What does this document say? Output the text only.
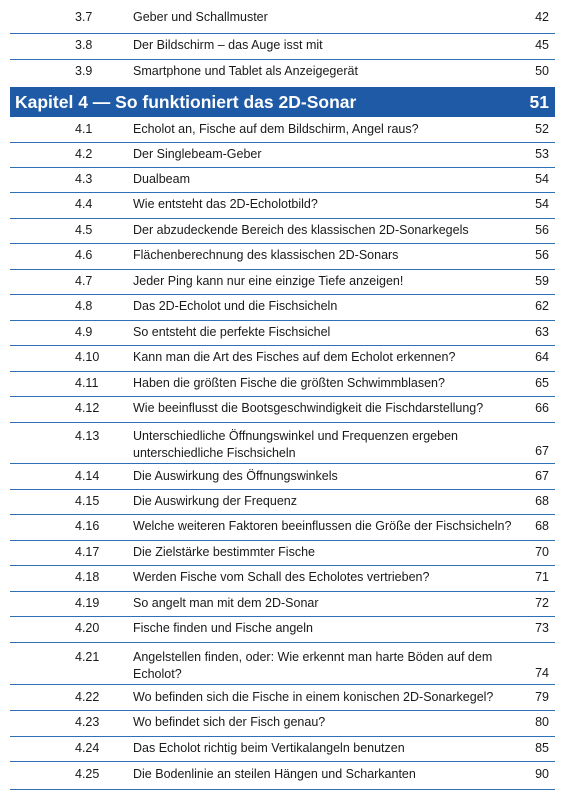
3.7	Geber und Schallmuster	42
3.8	Der Bildschirm – das Auge isst mit	45
3.9	Smartphone und Tablet als Anzeigegerät	50
Kapitel 4 — So funktioniert das 2D-Sonar	51
4.1	Echolot an, Fische auf dem Bildschirm, Angel raus?	52
4.2	Der Singlebeam-Geber	53
4.3	Dualbeam	54
4.4	Wie entsteht das 2D-Echolotbild?	54
4.5	Der abzudeckende Bereich des klassischen 2D-Sonarkegels	56
4.6	Flächenberechnung des klassischen 2D-Sonars	56
4.7	Jeder Ping kann nur eine einzige Tiefe anzeigen!	59
4.8	Das 2D-Echolot und die Fischsicheln	62
4.9	So entsteht die perfekte Fischsichel	63
4.10	Kann man die Art des Fisches auf dem Echolot erkennen?	64
4.11	Haben die größten Fische die größten Schwimmblasen?	65
4.12	Wie beeinflusst die Bootsgeschwindigkeit die Fischdarstellung?	66
4.13	Unterschiedliche Öffnungswinkel und Frequenzen ergeben unterschiedliche Fischsicheln	67
4.14	Die Auswirkung des Öffnungswinkels	67
4.15	Die Auswirkung der Frequenz	68
4.16	Welche weiteren Faktoren beeinflussen die Größe der Fischsicheln?	68
4.17	Die Zielstärke bestimmter Fische	70
4.18	Werden Fische vom Schall des Echolotes vertrieben?	71
4.19	So angelt man mit dem 2D-Sonar	72
4.20	Fische finden und Fische angeln	73
4.21	Angelstellen finden, oder: Wie erkennt man harte Böden auf dem Echolot?	74
4.22	Wo befinden sich die Fische in einem konischen 2D-Sonarkegel?	79
4.23	Wo befindet sich der Fisch genau?	80
4.24	Das Echolot richtig beim Vertikalangeln benutzen	85
4.25	Die Bodenlinie an steilen Hängen und Scharkanten	90
